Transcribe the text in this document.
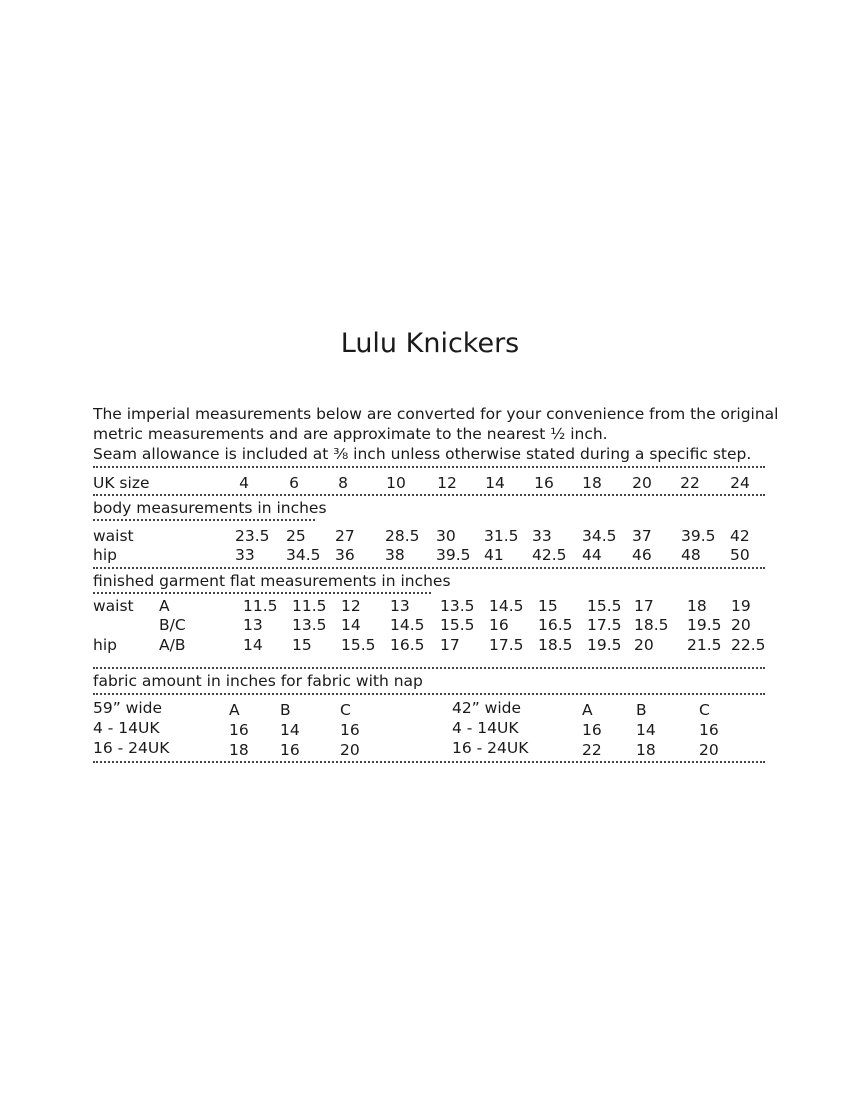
Lulu Knickers
The imperial measurements below are converted for your convenience from the original
metric measurements and are approximate to the nearest ½ inch.
Seam allowance is included at ⅜ inch unless otherwise stated during a specific step.
UK size	4	6	8	10	12	14	16	18	20	22	24
body measurements in inches
waist	23.5 25 27 28.5 30 31.5 33 34.5 37 39.5 42
hip	33 34.5 36 38 39.5 41 42.5 44 46 48 50
finished garment flat measurements in inches
waist A	11.5 11.5 12 13 13.5 14.5 15 15.5 17 18 19
B/C	13 13.5 14 14.5 15.5 16 16.5 17.5 18.5 19.5 20
hip	A/B	14 15 15.5 16.5 17 17.5 18.5 19.5 20 21.5 22.5
fabric amount in inches for fabric with nap
59” wide	A	B	C
4 - 14UK	16 14	16
16 - 24UK	18 16	20
42” wide	A	B	C
4 - 14UK	16 14	16
16 - 24UK	22 18	20
